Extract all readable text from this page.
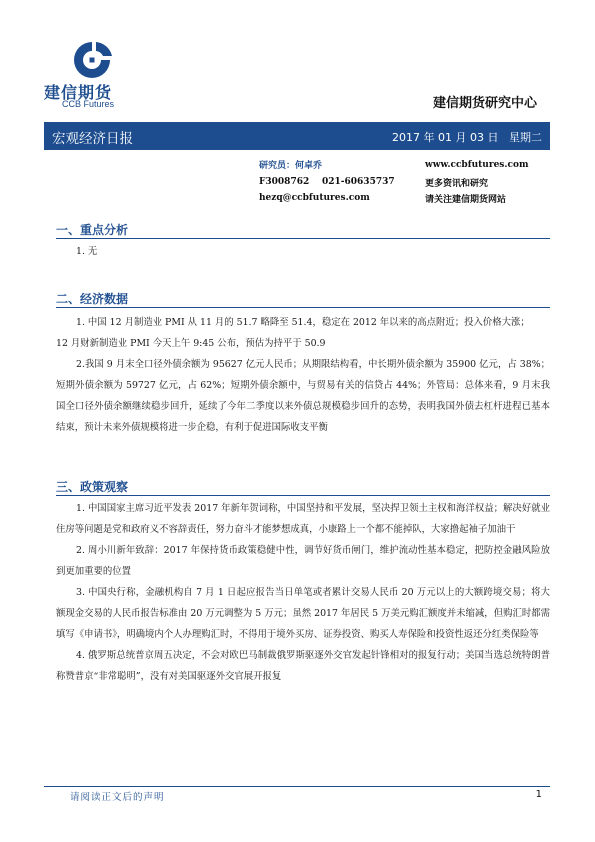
建信期货
CCB Futures	建信期货研究中心
宏观经济日报	2017 年 01 月 03 日 星期二
研究员：何卓乔
F3008762 021-60635737
hezq@ccbfutures.com
www.ccbfutures.com
更多资讯和研究
请关注建信期货网站
一、重点分析

1. 无

二、经济数据

1. 中国 12 月制造业 PMI 从 11 月的 51.7 略降至 51.4，稳定在 2012 年以来的高点附近；投入价格大涨；

12 月财新制造业 PMI 今天上午 9:45 公布，预估为持平于 50.9

2.我国 9 月末全口径外债余额为 95627 亿元人民币；从期限结构看，中长期外债余额为 35900 亿元，占 38%；短期外债余额为 59727 亿元，占 62%；短期外债余额中，与贸易有关的信贷占 44%；外管局：总体来看，9 月末我国全口径外债余额继续稳步回升，延续了今年二季度以来外债总规模稳步回升的态势，表明我国外债去杠杆进程已基本结束，预计未来外债规模将进一步企稳，有利于促进国际收支平衡

三、政策观察

1. 中国国家主席习近平发表 2017 年新年贺词称，中国坚持和平发展，坚决捍卫领土主权和海洋权益；解决好就业住房等问题是党和政府义不容辞责任，努力奋斗才能梦想成真，小康路上一个都不能掉队，大家撸起袖子加油干

2. 周小川新年致辞：2017 年保持货币政策稳健中性，调节好货币闸门，维护流动性基本稳定，把防控金融风险放到更加重要的位置

3. 中国央行称，金融机构自 7 月 1 日起应报告当日单笔或者累计交易人民币 20 万元以上的大额跨境交易；将大额现金交易的人民币报告标准由 20 万元调整为 5 万元；虽然 2017 年居民 5 万美元购汇额度并未缩减，但购汇时都需填写《申请书》，明确境内个人办理购汇时，不得用于境外买房、证券投资、购买人寿保险和投资性返还分红类保险等

4. 俄罗斯总统普京周五决定，不会对欧巴马制裁俄罗斯驱逐外交官发起针锋相对的报复行动；美国当选总统特朗普称赞普京“非常聪明”，没有对美国驱逐外交官展开报复

请阅读正文后的声明	1
